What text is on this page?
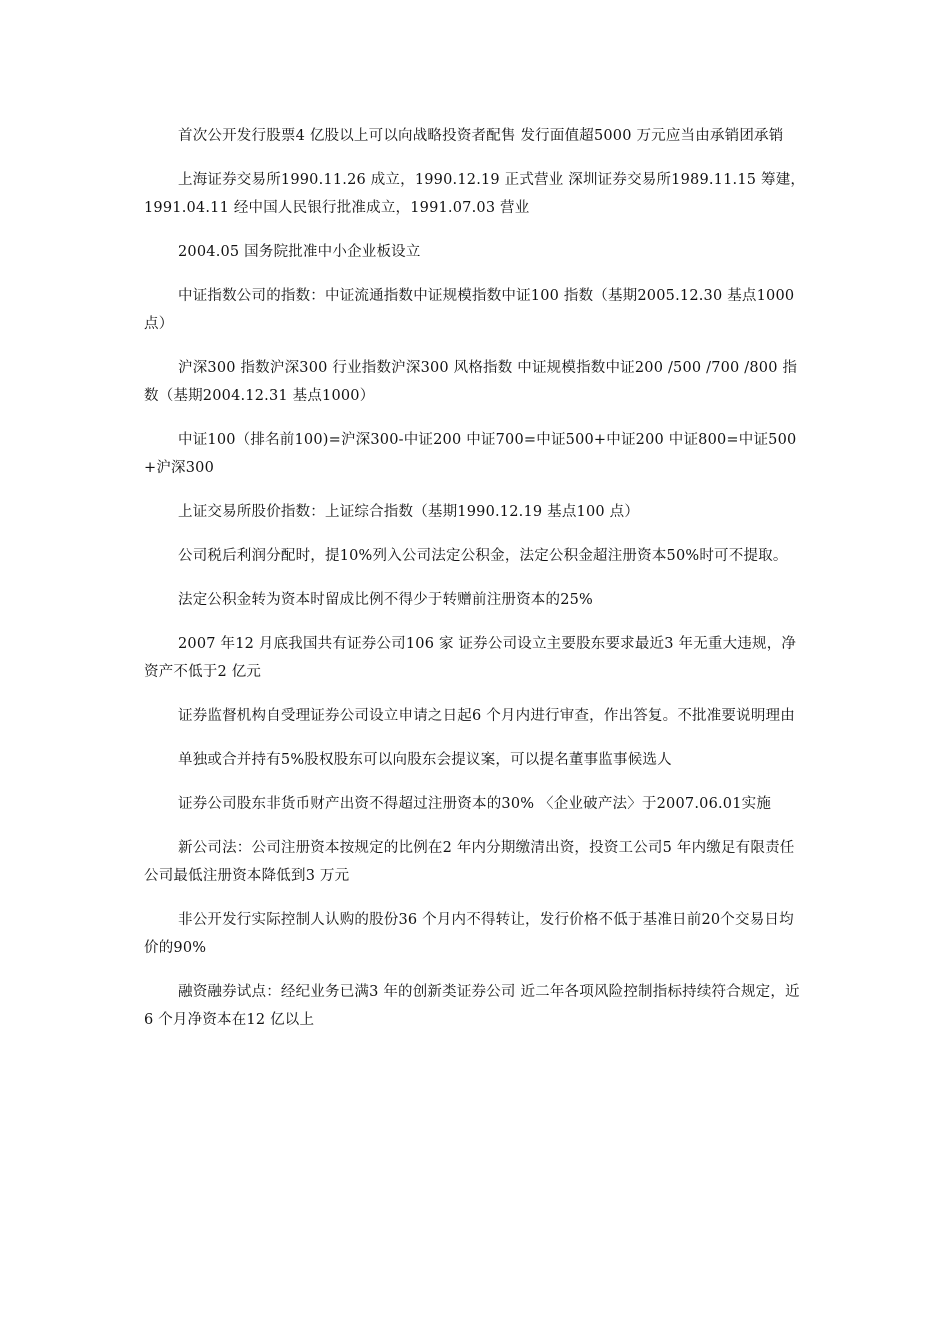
首次公开发行股票4 亿股以上可以向战略投资者配售 发行面值超5000 万元应当由承销团承销

上海证券交易所1990.11.26 成立，1990.12.19 正式营业 深圳证券交易所1989.11.15 筹建，1991.04.11 经中国人民银行批准成立，1991.07.03 营业

2004.05 国务院批准中小企业板设立

中证指数公司的指数：中证流通指数中证规模指数中证100 指数（基期2005.12.30 基点1000 点）

沪深300 指数沪深300 行业指数沪深300 风格指数 中证规模指数中证200 /500 /700 /800 指数（基期2004.12.31 基点1000）

中证100（排名前100)=沪深300-中证200 中证700=中证500+中证200 中证800=中证500+沪深300

上证交易所股价指数：上证综合指数（基期1990.12.19 基点100 点）

公司税后利润分配时，提10%列入公司法定公积金，法定公积金超注册资本50%时可不提取。

法定公积金转为资本时留成比例不得少于转赠前注册资本的25%

2007 年12 月底我国共有证券公司106 家 证券公司设立主要股东要求最近3 年无重大违规，净资产不低于2 亿元

证券监督机构自受理证券公司设立申请之日起6 个月内进行审查，作出答复。不批准要说明理由

单独或合并持有5%股权股东可以向股东会提议案，可以提名董事监事候选人

证券公司股东非货币财产出资不得超过注册资本的30% 〈企业破产法〉于2007.06.01实施

新公司法：公司注册资本按规定的比例在2 年内分期缴清出资，投资工公司5 年内缴足有限责任公司最低注册资本降低到3 万元

非公开发行实际控制人认购的股份36 个月内不得转让，发行价格不低于基准日前20个交易日均价的90%

融资融券试点：经纪业务已满3 年的创新类证券公司 近二年各项风险控制指标持续符合规定，近6 个月净资本在12 亿以上
